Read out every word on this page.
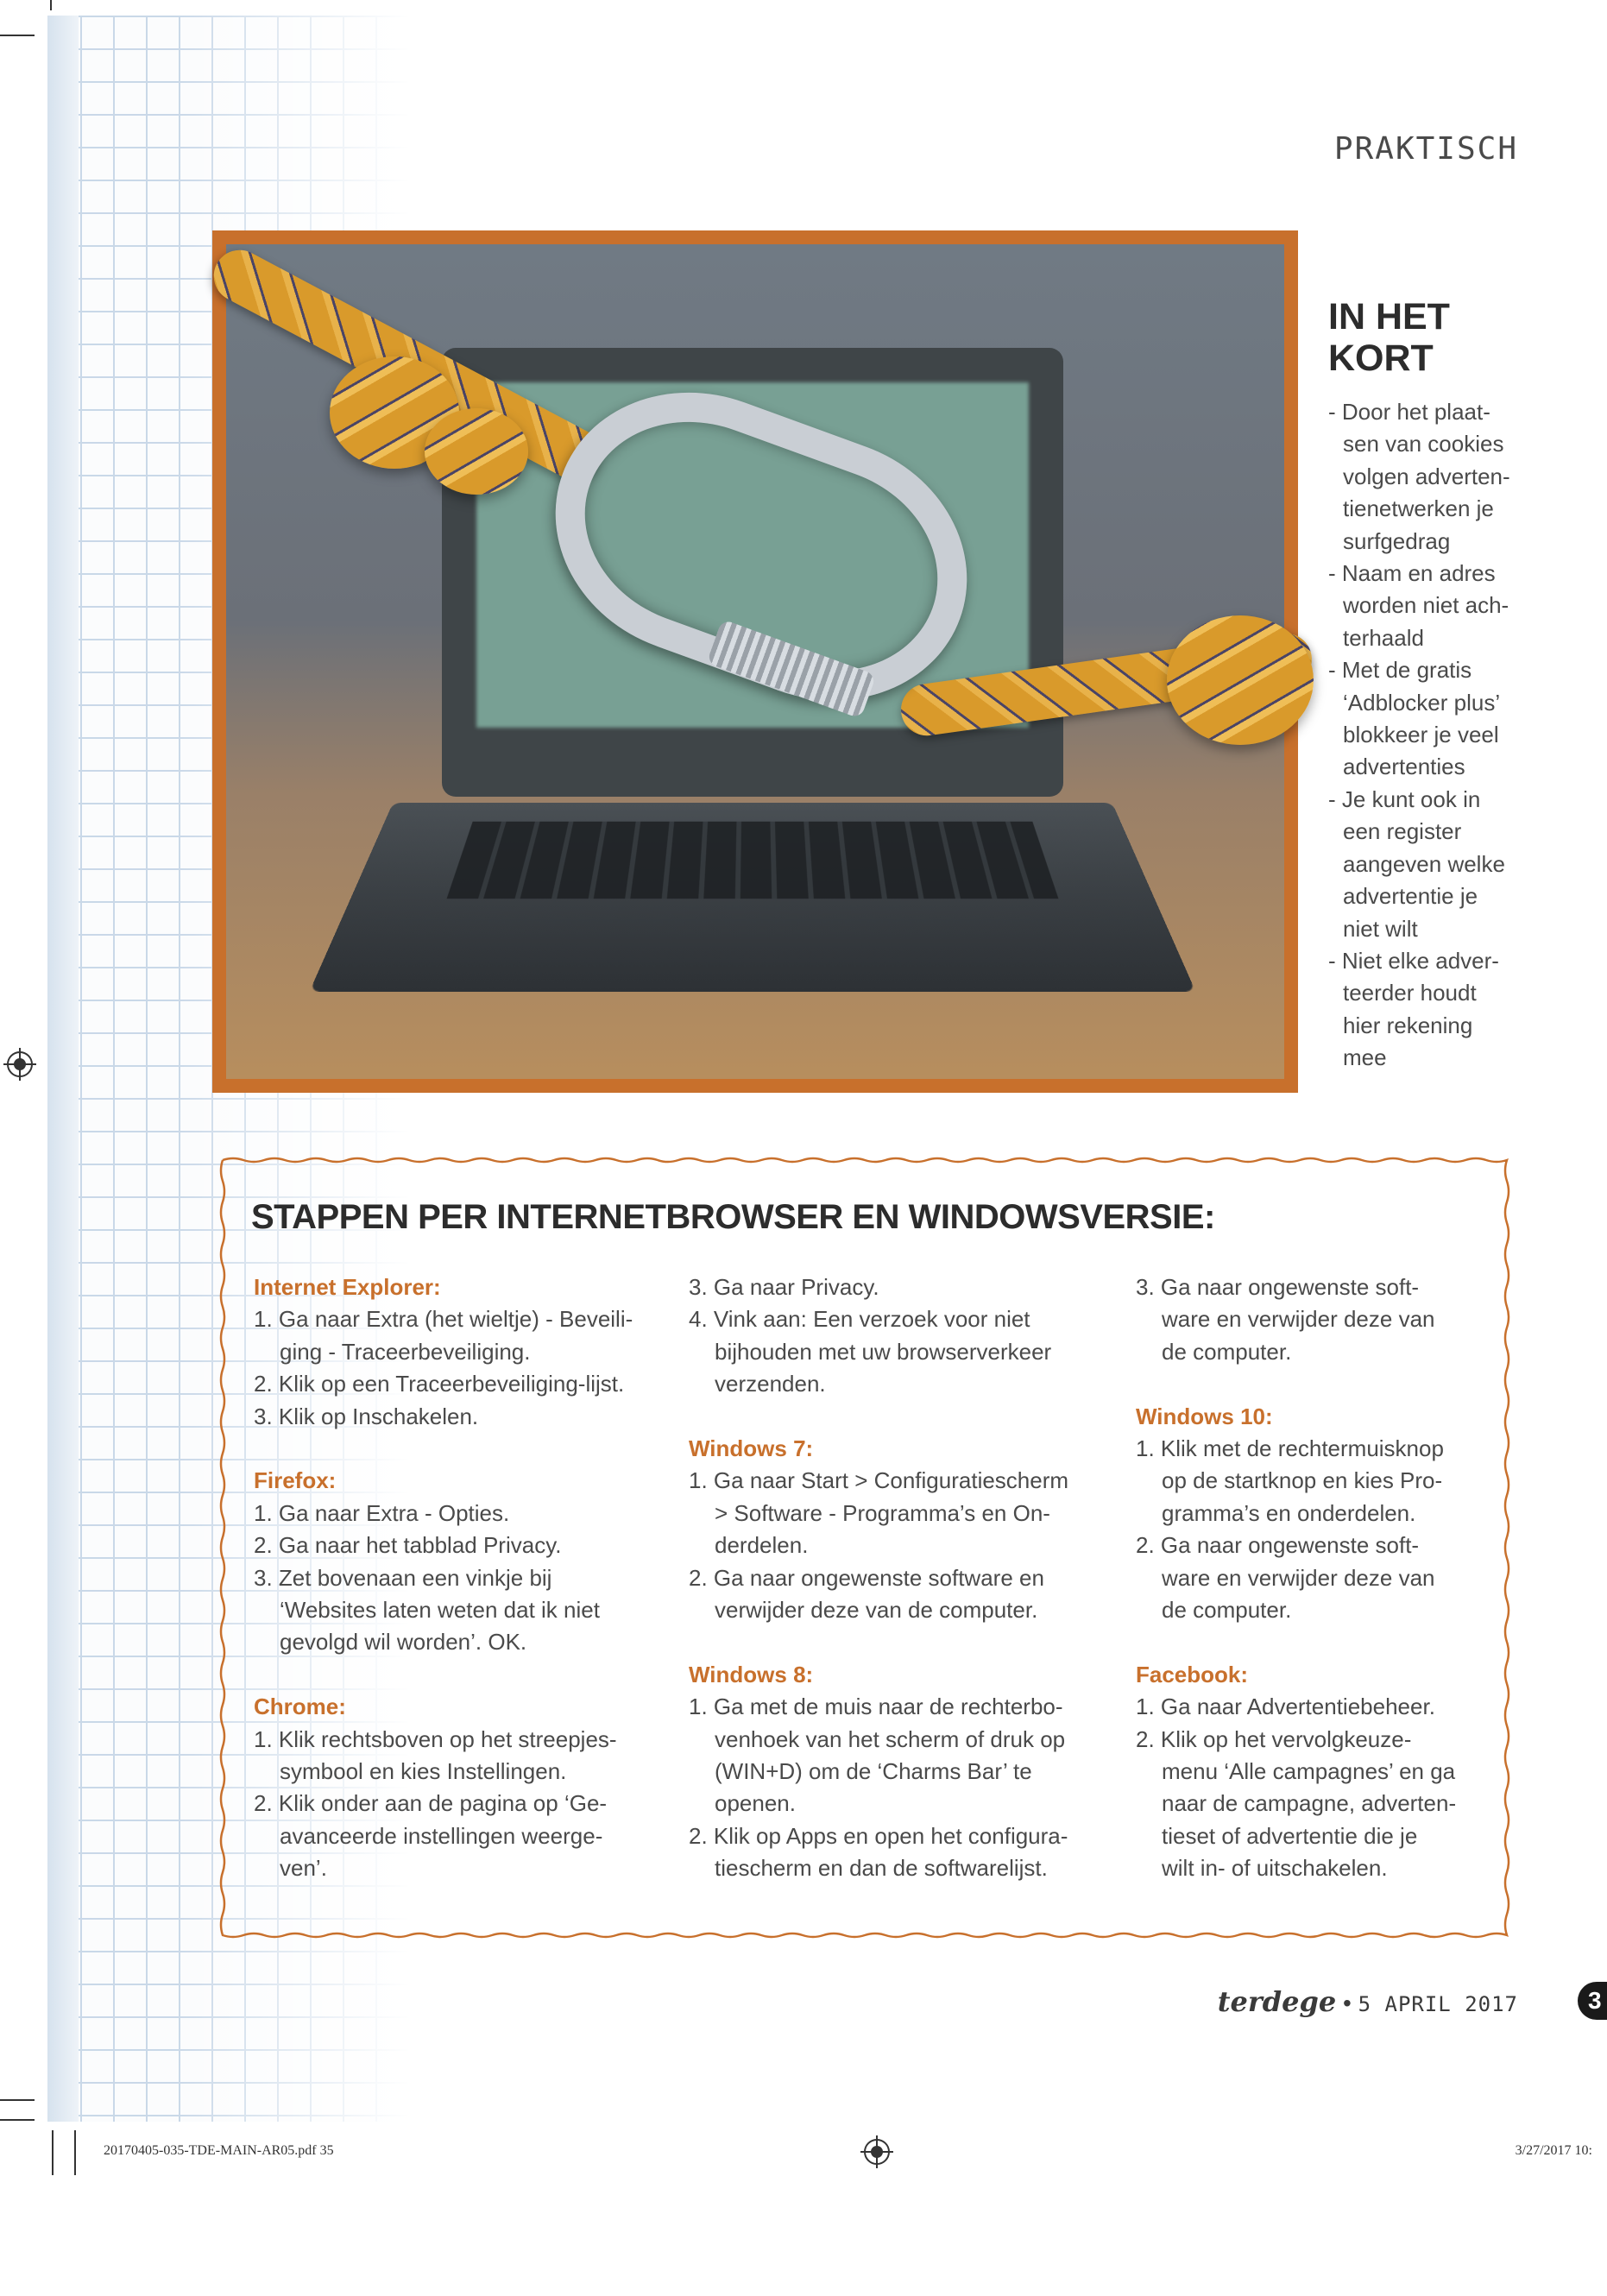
PRAKTISCH
IN HET
KORT

- Door het plaat-

sen van cookies

volgen adverten-

tienetwerken je

surfgedrag

- Naam en adres

worden niet ach-

terhaald

- Met de gratis

‘Adblocker plus’

blokkeer je veel

advertenties

- Je kunt ook in

een register

aangeven welke

advertentie je

niet wilt

- Niet elke adver-

teerder houdt

hier rekening

mee

STAPPEN PER INTERNETBROWSER EN WINDOWSVERSIE:
Internet Explorer:
1. Ga naar Extra (het wieltje) - Beveili-
ging - Traceerbeveiliging.
2. Klik op een Traceerbeveiliging-lijst.
3. Klik op Inschakelen.
Firefox:
1. Ga naar Extra - Opties.
2. Ga naar het tabblad Privacy.
3. Zet bovenaan een vinkje bij
‘Websites laten weten dat ik niet
gevolgd wil worden’. OK.
Chrome:
1. Klik rechtsboven op het streepjes-
symbool en kies Instellingen.
2. Klik onder aan de pagina op ‘Ge-
avanceerde instellingen weerge-
ven’.
3. Ga naar Privacy.
4. Vink aan: Een verzoek voor niet
bijhouden met uw browserverkeer
verzenden.
Windows 7:
1. Ga naar Start > Configuratiescherm
> Software - Programma’s en On-
derdelen.
2. Ga naar ongewenste software en
verwijder deze van de computer.
Windows 8:
1. Ga met de muis naar de rechterbo-
venhoek van het scherm of druk op
(WIN+D) om de ‘Charms Bar’ te
openen.
2. Klik op Apps en open het configura-
tiescherm en dan de softwarelijst.
3. Ga naar ongewenste soft-
ware en verwijder deze van
de computer.
Windows 10:
1. Klik met de rechtermuisknop
op de startknop en kies Pro-
gramma’s en onderdelen.
2. Ga naar ongewenste soft-
ware en verwijder deze van
de computer.
Facebook:
1. Ga naar Advertentiebeheer.
2. Klik op het vervolgkeuze-
menu ‘Alle campagnes’ en ga
naar de campagne, adverten-
tieset of advertentie die je
wilt in- of uitschakelen.
terdege • 5 APRIL 2017	3
20170405-035-TDE-MAIN-AR05.pdf 35	3/27/2017 10:
